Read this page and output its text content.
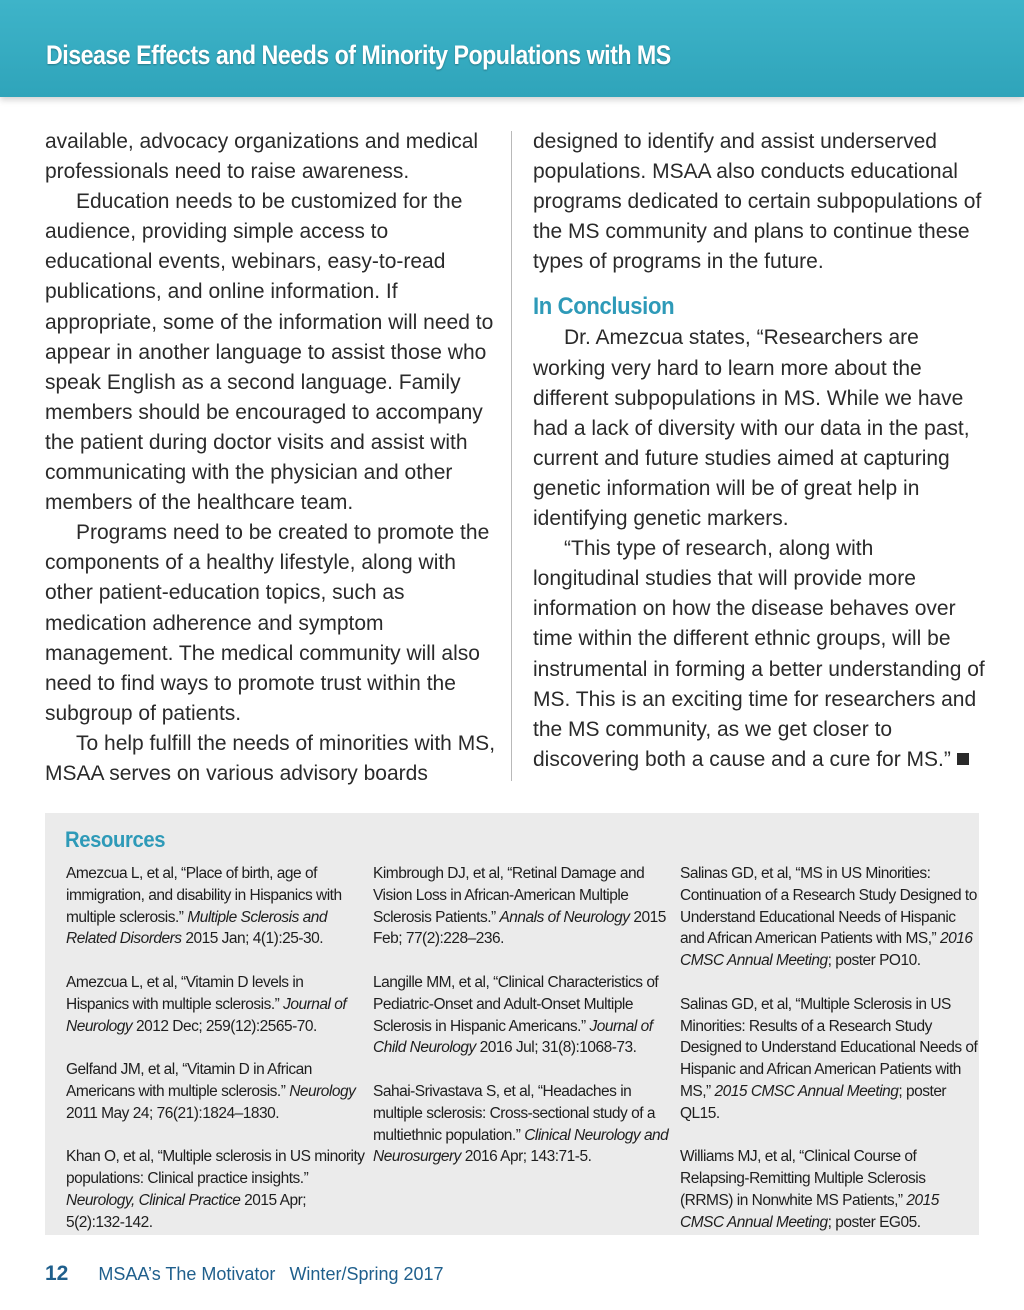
Disease Effects and Needs of Minority Populations with MS

available, advocacy organizations and medical professionals need to raise awareness.

Education needs to be customized for the audience, providing simple access to educational events, webinars, easy-to-read publications, and online information. If appropriate, some of the information will need to appear in another language to assist those who speak English as a second language. Family members should be encouraged to accompany the patient during doctor visits and assist with communicating with the physician and other members of the healthcare team.

Programs need to be created to promote the components of a healthy lifestyle, along with other patient-education topics, such as medication adherence and symptom management. The medical community will also need to find ways to promote trust within the subgroup of patients.

To help fulfill the needs of minorities with MS, MSAA serves on various advisory boards

designed to identify and assist underserved populations. MSAA also conducts educational programs dedicated to certain subpopulations of the MS community and plans to continue these types of programs in the future.

In Conclusion

Dr. Amezcua states, “Researchers are working very hard to learn more about the different subpopulations in MS. While we have had a lack of diversity with our data in the past, current and future studies aimed at capturing genetic information will be of great help in identifying genetic markers.

“This type of research, along with longitudinal studies that will provide more information on how the disease behaves over time within the different ethnic groups, will be instrumental in forming a better understanding of MS. This is an exciting time for researchers and the MS community, as we get closer to discovering both a cause and a cure for MS.”

Resources
Amezcua L, et al, “Place of birth, age of immigration, and disability in Hispanics with multiple sclerosis.” Multiple Sclerosis and Related Disorders 2015 Jan; 4(1):25-30.
Amezcua L, et al, “Vitamin D levels in Hispanics with multiple sclerosis.” Journal of Neurology 2012 Dec; 259(12):2565-70.
Gelfand JM, et al, “Vitamin D in African Americans with multiple sclerosis.” Neurology 2011 May 24; 76(21):1824–1830.
Khan O, et al, “Multiple sclerosis in US minority populations: Clinical practice insights.” Neurology, Clinical Practice 2015 Apr; 5(2):132-142.
Kimbrough DJ, et al, “Retinal Damage and Vision Loss in African-American Multiple Sclerosis Patients.” Annals of Neurology 2015 Feb; 77(2):228–236.
Langille MM, et al, “Clinical Characteristics of Pediatric-Onset and Adult-Onset Multiple Sclerosis in Hispanic Americans.” Journal of Child Neurology 2016 Jul; 31(8):1068-73.
Sahai-Srivastava S, et al, “Headaches in multiple sclerosis: Cross-sectional study of a multiethnic population.” Clinical Neurology and Neurosurgery 2016 Apr; 143:71-5.
Salinas GD, et al, “MS in US Minorities: Continuation of a Research Study Designed to Understand Educational Needs of Hispanic and African American Patients with MS,” 2016 CMSC Annual Meeting; poster PO10.
Salinas GD, et al, “Multiple Sclerosis in US Minorities: Results of a Research Study Designed to Understand Educational Needs of Hispanic and African American Patients with MS,” 2015 CMSC Annual Meeting; poster QL15.
Williams MJ, et al, “Clinical Course of Relapsing-Remitting Multiple Sclerosis (RRMS) in Nonwhite MS Patients,” 2015 CMSC Annual Meeting; poster EG05.
12 MSAA’s The Motivator Winter/Spring 2017
